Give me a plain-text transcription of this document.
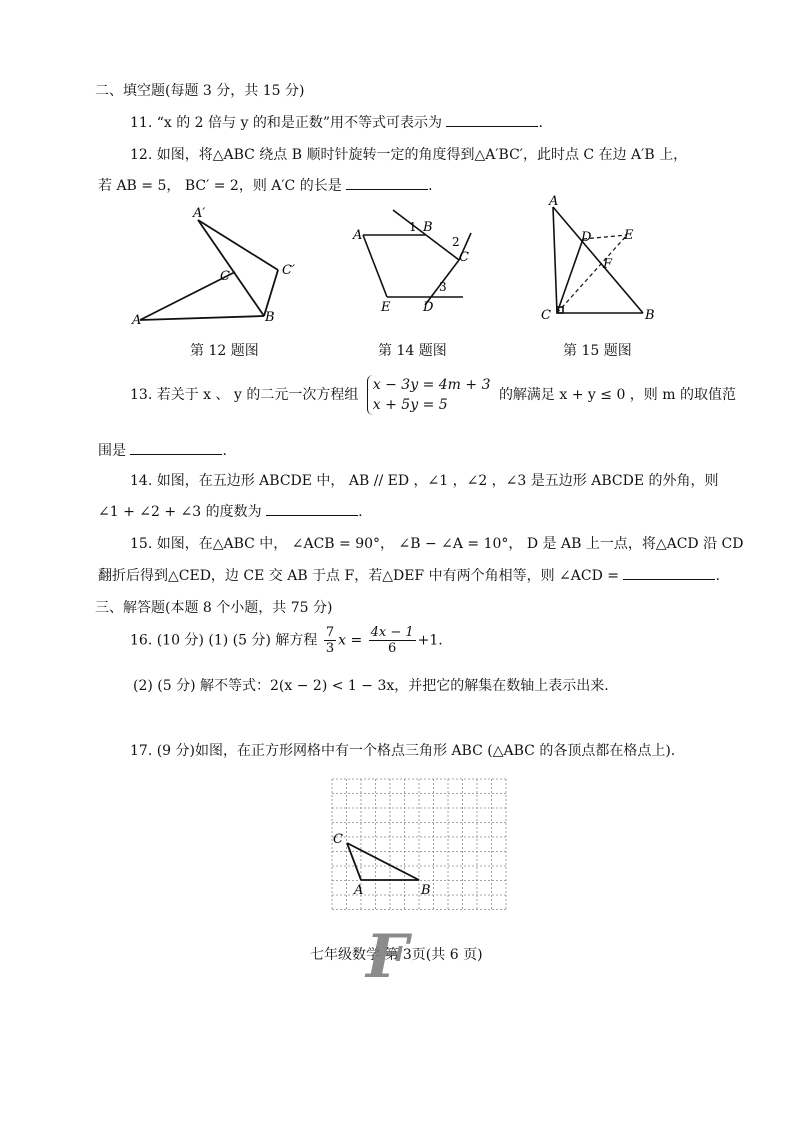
二、填空题(每题 3 分，共 15 分)
11. “x 的 2 倍与 y 的和是正数”用不等式可表示为	.
12. 如图，将△ABC 绕点 B 顺时针旋转一定的角度得到△A′BC′，此时点 C 在边 A′B 上，
若 AB = 5， BC′ = 2，则 A′C 的长是	.
A′
C	C′
A	B
第 12 题图
A
1 B
2
C
3
E	D
第 14 题图
A
D	E
F
C	B
第 15 题图
13. 若关于 x 、 y 的二元一次方程组
x − 3y = 4m + 3
x + 5y = 5
的解满足 x + y ≤ 0 ，则 m 的取值范
围是	.
14. 如图，在五边形 ABCDE 中， AB // ED ，∠1 ，∠2 ，∠3 是五边形 ABCDE 的外角，则
∠1 + ∠2 + ∠3 的度数为	.
15. 如图，在△ABC 中， ∠ACB = 90°， ∠B − ∠A = 10°， D 是 AB 上一点，将△ACD 沿 CD
翻折后得到△CED，边 CE 交 AB 于点 F，若△DEF 中有两个角相等，则 ∠ACD =	.
三、解答题(本题 8 个小题，共 75 分)
16. (10 分) (1) (5 分) 解方程 $\frac{7}{3}$ $x = \frac{4x - 1}{6} +1$.
(2) (5 分) 解不等式：2(x − 2) < 1 − 3x，并把它的解集在数轴上表示出来.
17. (9 分)如图，在正方形网格中有一个格点三角形 ABC (△ABC 的各顶点都在格点上).
C
A	B
七年级数学 第 3页(共 6 页)
F
